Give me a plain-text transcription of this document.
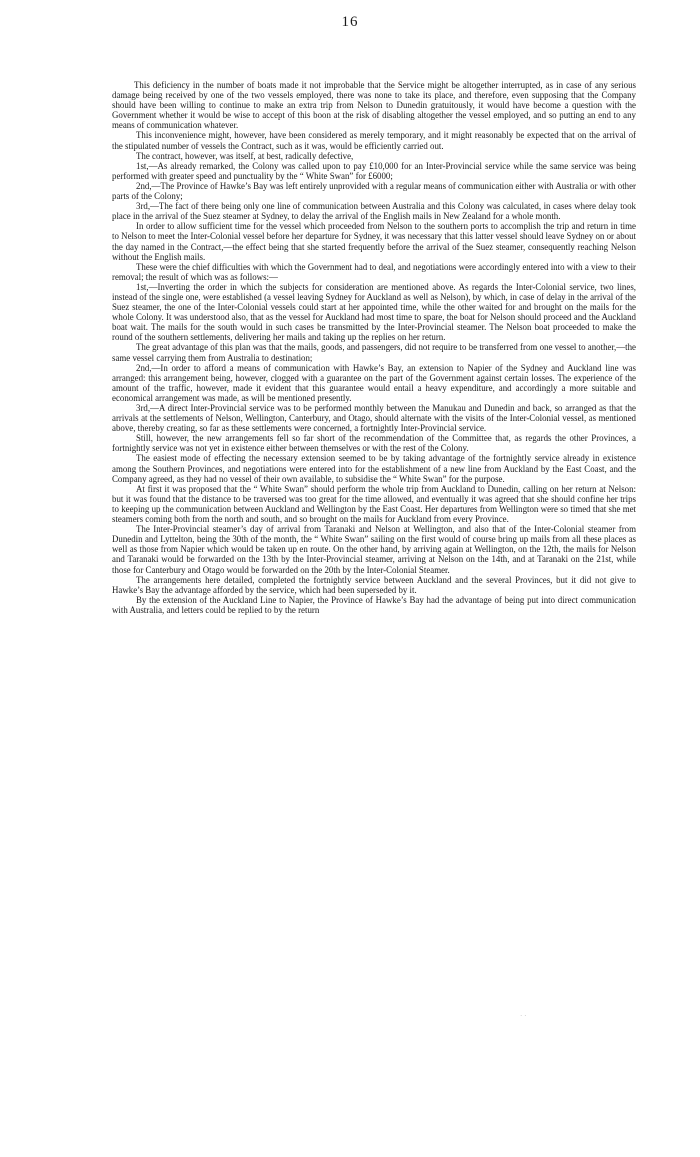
16

This deficiency in the number of boats made it not improbable that the Service might be altogether interrupted, as in case of any serious damage being received by one of the two vessels employed, there was none to take its place, and therefore, even supposing that the Company should have been willing to continue to make an extra trip from Nelson to Dunedin gratuitously, it would have become a question with the Government whether it would be wise to accept of this boon at the risk of disabling altogether the vessel employed, and so putting an end to any means of communication whatever.

This inconvenience might, however, have been considered as merely temporary, and it might reasonably be expected that on the arrival of the stipulated number of vessels the Contract, such as it was, would be efficiently carried out.

The contract, however, was itself, at best, radically defective,

1st,—As already remarked, the Colony was called upon to pay £10,000 for an Inter-Provincial service while the same service was being performed with greater speed and punctuality by the “ White Swan” for £6000;

2nd,—The Province of Hawke’s Bay was left entirely unprovided with a regular means of communication either with Australia or with other parts of the Colony;

3rd,—The fact of there being only one line of communication between Australia and this Colony was calculated, in cases where delay took place in the arrival of the Suez steamer at Sydney, to delay the arrival of the English mails in New Zealand for a whole month.

In order to allow sufficient time for the vessel which proceeded from Nelson to the southern ports to accomplish the trip and return in time to Nelson to meet the Inter-Colonial vessel before her departure for Sydney, it was necessary that this latter vessel should leave Sydney on or about the day named in the Contract,—the effect being that she started frequently before the arrival of the Suez steamer, consequently reaching Nelson without the English mails.

These were the chief difficulties with which the Government had to deal, and negotiations were accordingly entered into with a view to their removal; the result of which was as follows:—

1st,—Inverting the order in which the subjects for consideration are mentioned above. As regards the Inter-Colonial service, two lines, instead of the single one, were established (a vessel leaving Sydney for Auckland as well as Nelson), by which, in case of delay in the arrival of the Suez steamer, the one of the Inter-Colonial vessels could start at her appointed time, while the other waited for and brought on the mails for the whole Colony. It was understood also, that as the vessel for Auckland had most time to spare, the boat for Nelson should proceed and the Auckland boat wait. The mails for the south would in such cases be transmitted by the Inter-Provincial steamer. The Nelson boat proceeded to make the round of the southern settlements, delivering her mails and taking up the replies on her return.

The great advantage of this plan was that the mails, goods, and passengers, did not require to be transferred from one vessel to another,—the same vessel carrying them from Australia to destination;

2nd,—In order to afford a means of communication with Hawke’s Bay, an extension to Napier of the Sydney and Auckland line was arranged: this arrangement being, however, clogged with a guarantee on the part of the Government against certain losses. The experience of the amount of the traffic, however, made it evident that this guarantee would entail a heavy expenditure, and accordingly a more suitable and economical arrangement was made, as will be mentioned presently.

3rd,—A direct Inter-Provincial service was to be performed monthly between the Manukau and Dunedin and back, so arranged as that the arrivals at the settlements of Nelson, Wellington, Canterbury, and Otago, should alternate with the visits of the Inter-Colonial vessel, as mentioned above, thereby creating, so far as these settlements were concerned, a fortnightly Inter-Provincial service.

Still, however, the new arrangements fell so far short of the recommendation of the Committee that, as regards the other Provinces, a fortnightly service was not yet in existence either between themselves or with the rest of the Colony.

The easiest mode of effecting the necessary extension seemed to be by taking advantage of the fortnightly service already in existence among the Southern Provinces, and negotiations were entered into for the establishment of a new line from Auckland by the East Coast, and the Company agreed, as they had no vessel of their own available, to subsidise the “ White Swan” for the purpose.

At first it was proposed that the “ White Swan” should perform the whole trip from Auckland to Dunedin, calling on her return at Nelson: but it was found that the distance to be traversed was too great for the time allowed, and eventually it was agreed that she should confine her trips to keeping up the communication between Auckland and Wellington by the East Coast. Her departures from Wellington were so timed that she met steamers coming both from the north and south, and so brought on the mails for Auckland from every Province.

The Inter-Provincial steamer’s day of arrival from Taranaki and Nelson at Wellington, and also that of the Inter-Colonial steamer from Dunedin and Lyttelton, being the 30th of the month, the “ White Swan” sailing on the first would of course bring up mails from all these places as well as those from Napier which would be taken up en route. On the other hand, by arriving again at Wellington, on the 12th, the mails for Nelson and Taranaki would be forwarded on the 13th by the Inter-Provincial steamer, arriving at Nelson on the 14th, and at Taranaki on the 21st, while those for Canterbury and Otago would be forwarded on the 20th by the Inter-Colonial Steamer.

The arrangements here detailed, completed the fortnightly service between Auckland and the several Provinces, but it did not give to Hawke’s Bay the advantage afforded by the service, which had been superseded by it.

By the extension of the Auckland Line to Napier, the Province of Hawke’s Bay had the advantage of being put into direct communication with Australia, and letters could be replied to by the return

· ·
